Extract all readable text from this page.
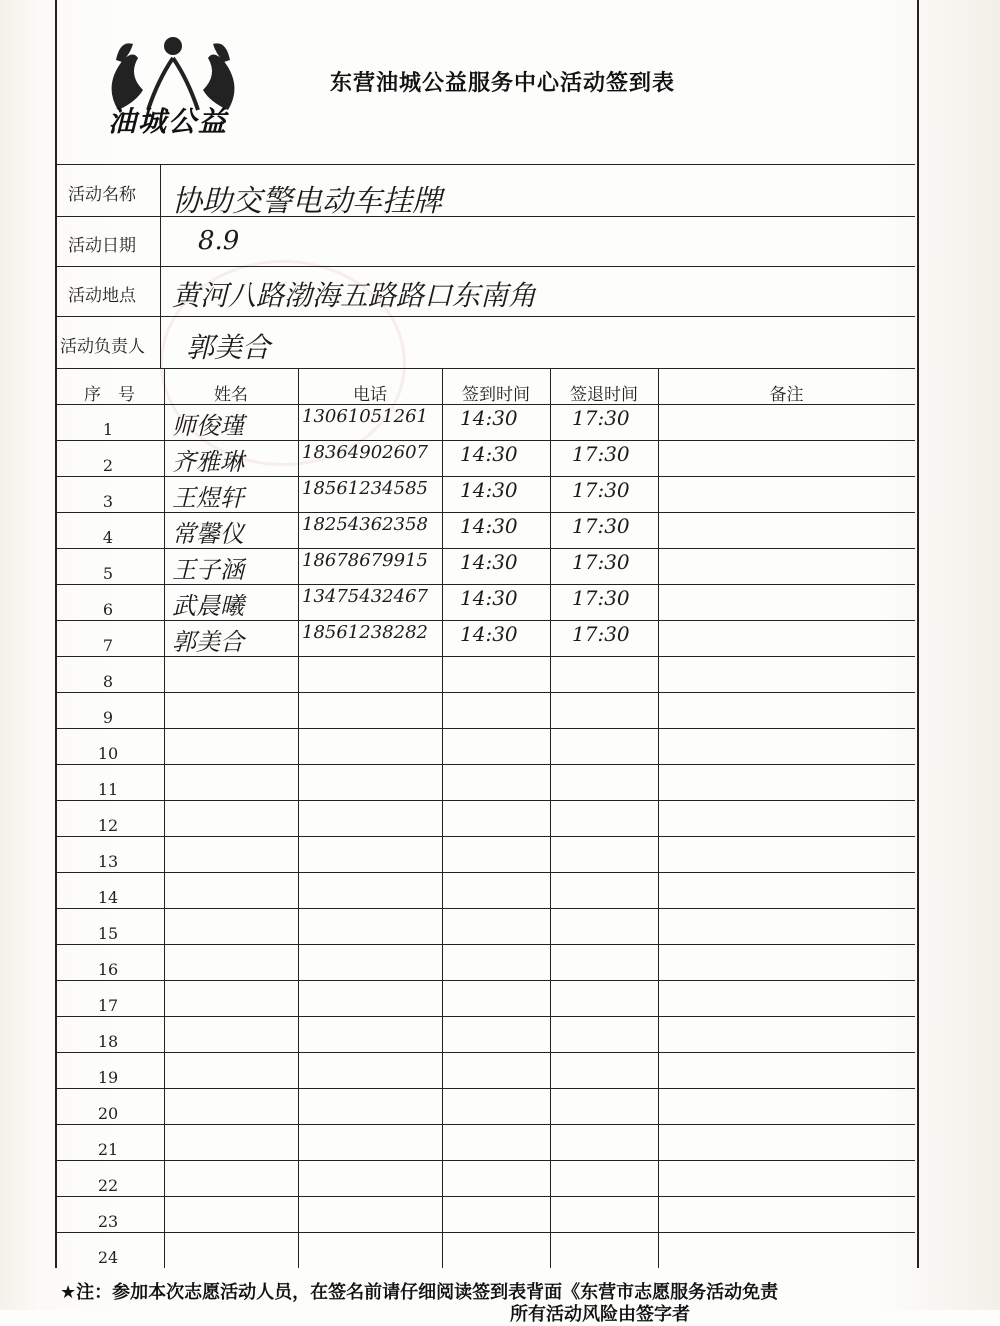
油城公益
东营油城公益服务中心活动签到表
活动名称 协助交警电动车挂牌
活动日期 8.9
活动地点 黄河八路渤海五路路口东南角
活动负责人 郭美合
序　号	姓名	电话	签到时间	签退时间	备注
1	师俊瑾	13061051261 14:30	17:30
2	齐雅琳	18364902607 14:30	17:30
3	王煜轩	18561234585 14:30	17:30
4	常馨仪	18254362358 14:30	17:30
5	王子涵	18678679915 14:30	17:30
6	武晨曦	13475432467 14:30	17:30
7	郭美合	18561238282 14:30	17:30
8
9
10
11
12
13
14
15
16
17
18
19
20
21
22
23
24
★注：参加本次志愿活动人员，在签名前请仔细阅读签到表背面《东营市志愿服务活动免责
　　　　　　　　　　　　　　　　　　　　　　　　　所有活动风险由签字者
